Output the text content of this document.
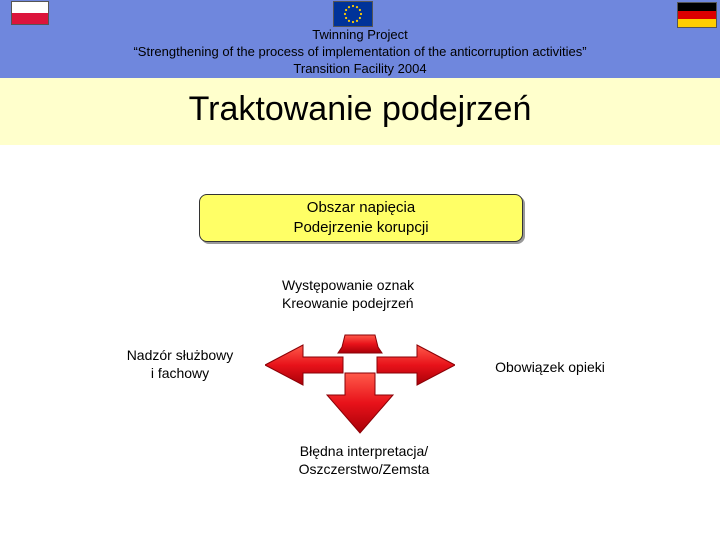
Twinning Project
“Strengthening of the process of implementation of the anticorruption activities”
Transition Facility 2004
Traktowanie podejrzeń
Obszar napięcia
Podejrzenie korupcji
Występowanie oznak
Kreowanie podejrzeń
Nadzór służbowy
i fachowy	Obowiązek opieki
Błędna interpretacja/
Oszczerstwo/Zemsta
